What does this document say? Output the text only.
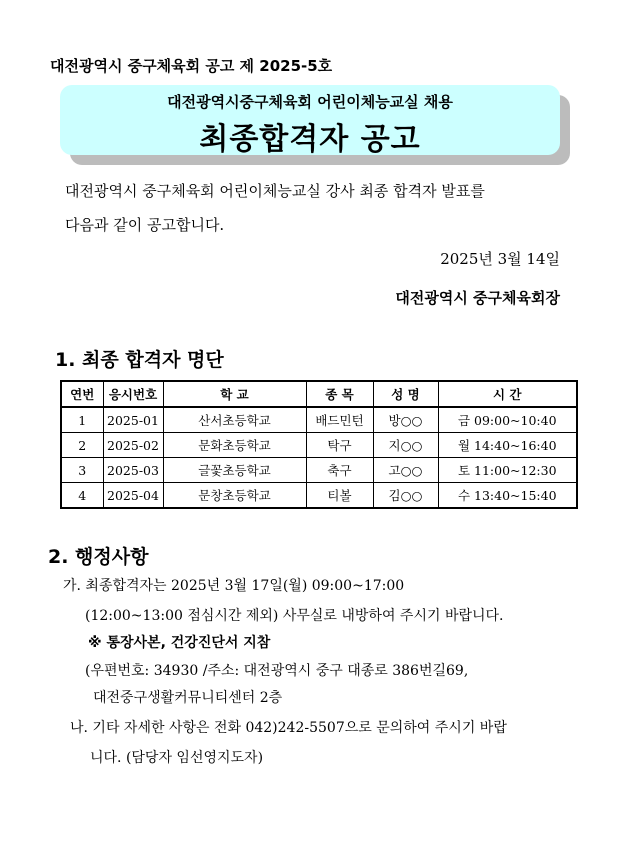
대전광역시 중구체육회 공고 제 2025-5호
대전광역시중구체육회 어린이체능교실 채용
최종합격자 공고
대전광역시 중구체육회 어린이체능교실 강사 최종 합격자 발표를
다음과 같이 공고합니다.
2025년 3월 14일
대전광역시 중구체육회장
1. 최종 합격자 명단
연번	응시번호	학 교	종 목	성 명	시 간
1	2025-01	산서초등학교	배드민턴	방○○	금 09:00~10:40
2	2025-02	문화초등학교	탁구	지○○	월 14:40~16:40
3	2025-03	글꽃초등학교	축구	고○○	토 11:00~12:30
4	2025-04	문창초등학교	티볼	김○○	수 13:40~15:40
2. 행정사항
가. 최종합격자는 2025년 3월 17일(월) 09:00~17:00
(12:00~13:00 점심시간 제외) 사무실로 내방하여 주시기 바랍니다.
※ 통장사본, 건강진단서 지참
(우편번호: 34930 /주소: 대전광역시 중구 대종로 386번길69,
대전중구생활커뮤니티센터 2층
나. 기타 자세한 사항은 전화 042)242-5507으로 문의하여 주시기 바랍
니다. (담당자 임선영지도자)
